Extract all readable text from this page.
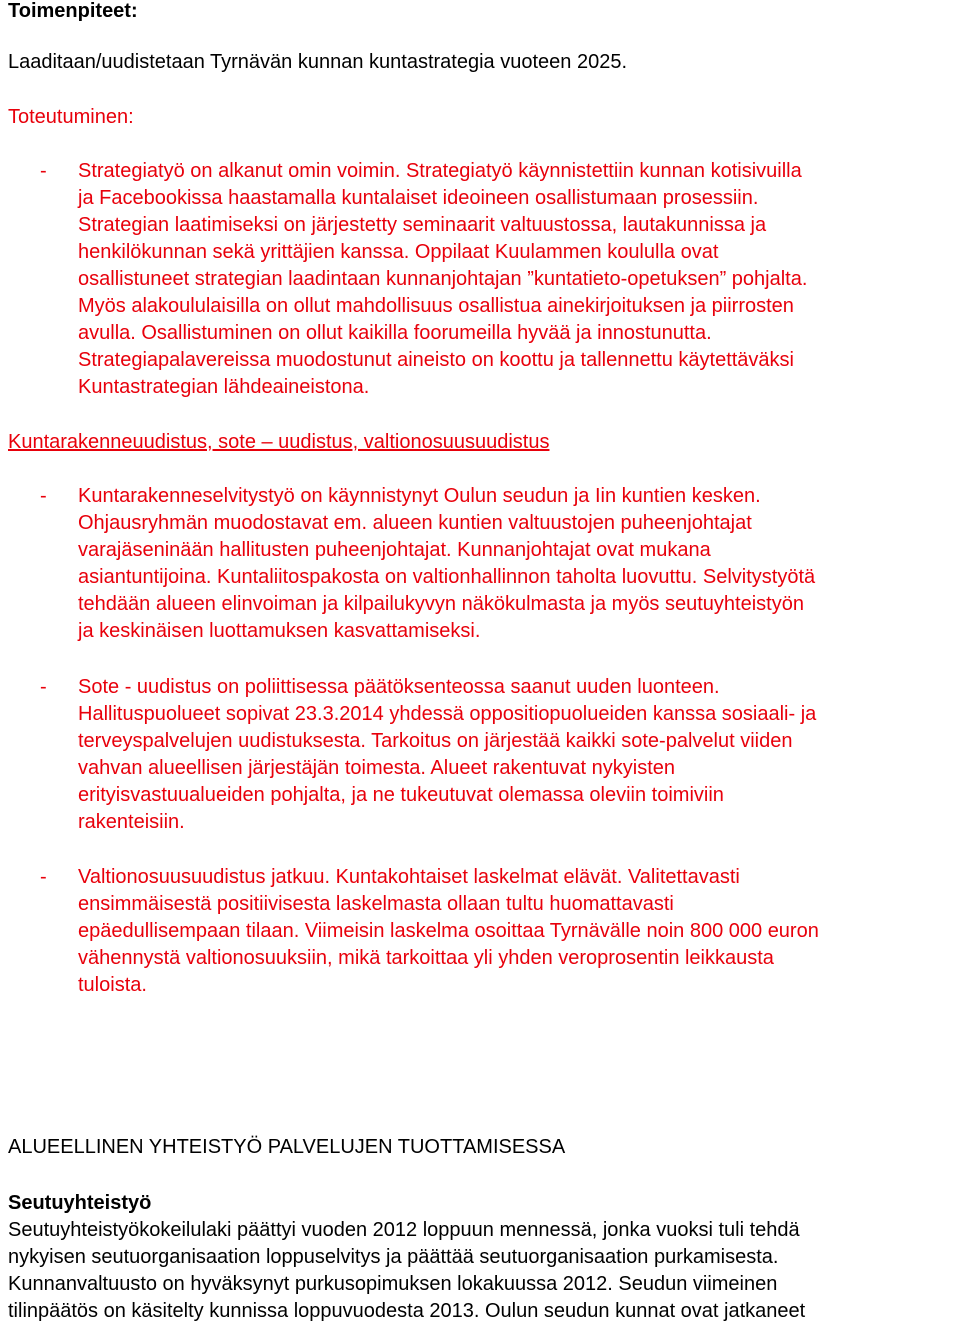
Toimenpiteet:
Laaditaan/uudistetaan Tyrnävän kunnan kuntastrategia vuoteen 2025.
Toteutuminen:
- Strategiatyö on alkanut omin voimin. Strategiatyö käynnistettiin kunnan kotisivuilla
ja Facebookissa haastamalla kuntalaiset ideoineen osallistumaan prosessiin.
Strategian laatimiseksi on järjestetty seminaarit valtuustossa, lautakunnissa ja
henkilökunnan sekä yrittäjien kanssa. Oppilaat Kuulammen koululla ovat
osallistuneet strategian laadintaan kunnanjohtajan ”kuntatieto-opetuksen” pohjalta.
Myös alakoululaisilla on ollut mahdollisuus osallistua ainekirjoituksen ja piirrosten
avulla. Osallistuminen on ollut kaikilla foorumeilla hyvää ja innostunutta.
Strategiapalavereissa muodostunut aineisto on koottu ja tallennettu käytettäväksi
Kuntastrategian lähdeaineistona.
Kuntarakenneuudistus, sote – uudistus, valtionosuusuudistus
- Kuntarakenneselvitystyö on käynnistynyt Oulun seudun ja Iin kuntien kesken.
Ohjausryhmän muodostavat em. alueen kuntien valtuustojen puheenjohtajat
varajäseninään hallitusten puheenjohtajat. Kunnanjohtajat ovat mukana
asiantuntijoina. Kuntaliitospakosta on valtionhallinnon taholta luovuttu. Selvitystyötä
tehdään alueen elinvoiman ja kilpailukyvyn näkökulmasta ja myös seutuyhteistyön
ja keskinäisen luottamuksen kasvattamiseksi.
- Sote - uudistus on poliittisessa päätöksenteossa saanut uuden luonteen.
Hallituspuolueet sopivat 23.3.2014 yhdessä oppositiopuolueiden kanssa sosiaali- ja
terveyspalvelujen uudistuksesta. Tarkoitus on järjestää kaikki sote-palvelut viiden
vahvan alueellisen järjestäjän toimesta. Alueet rakentuvat nykyisten
erityisvastuualueiden pohjalta, ja ne tukeutuvat olemassa oleviin toimiviin
rakenteisiin.
- Valtionosuusuudistus jatkuu. Kuntakohtaiset laskelmat elävät. Valitettavasti
ensimmäisestä positiivisesta laskelmasta ollaan tultu huomattavasti
epäedullisempaan tilaan. Viimeisin laskelma osoittaa Tyrnävälle noin 800 000 euron
vähennystä valtionosuuksiin, mikä tarkoittaa yli yhden veroprosentin leikkausta
tuloista.
ALUEELLINEN YHTEISTYÖ PALVELUJEN TUOTTAMISESSA
Seutuyhteistyö
Seutuyhteistyökokeilulaki päättyi vuoden 2012 loppuun mennessä, jonka vuoksi tuli tehdä
nykyisen seutuorganisaation loppuselvitys ja päättää seutuorganisaation purkamisesta.
Kunnanvaltuusto on hyväksynyt purkusopimuksen lokakuussa 2012. Seudun viimeinen
tilinpäätös on käsitelty kunnissa loppuvuodesta 2013. Oulun seudun kunnat ovat jatkaneet
